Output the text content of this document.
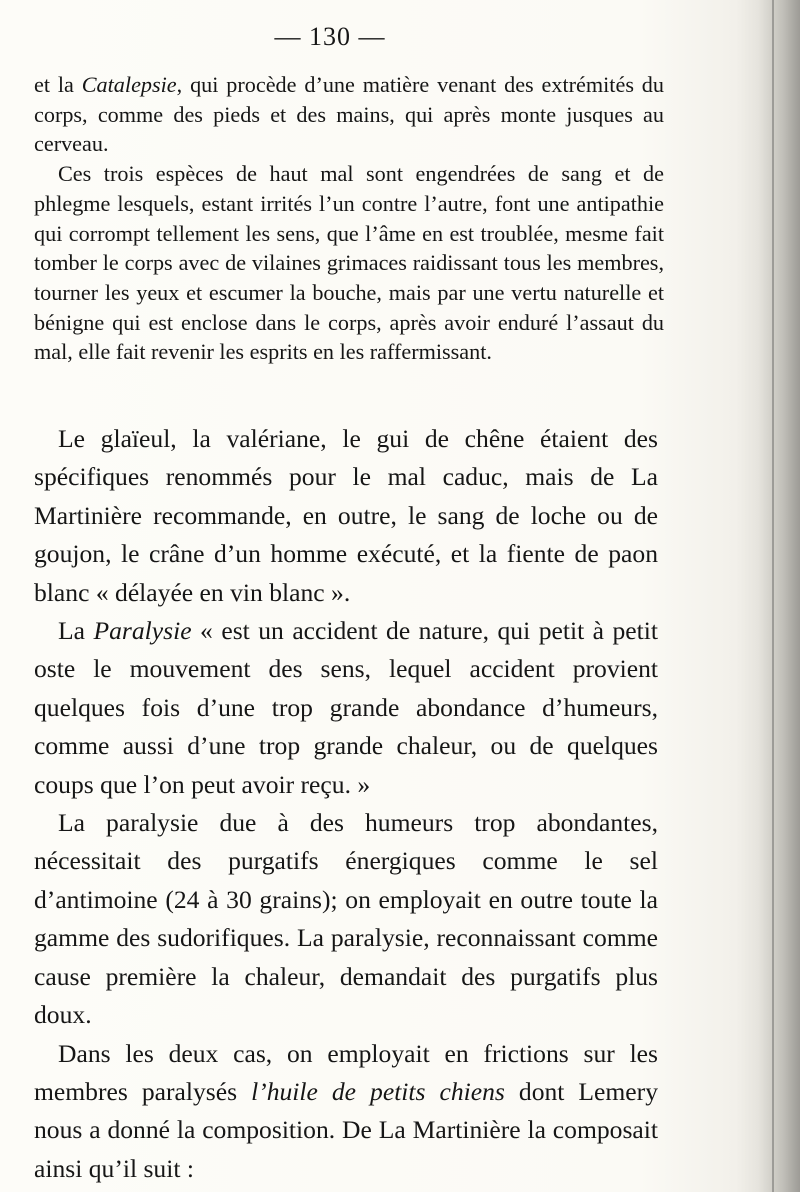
— 130 —

et la Catalepsie, qui procède d’une matière venant des extrémités du corps, comme des pieds et des mains, qui après monte jusques au cerveau.

Ces trois espèces de haut mal sont engendrées de sang et de phlegme lesquels, estant irrités l’un contre l’autre, font une antipathie qui corrompt tellement les sens, que l’âme en est troublée, mesme fait tomber le corps avec de vilaines grimaces raidissant tous les membres, tourner les yeux et escumer la bouche, mais par une vertu naturelle et bénigne qui est enclose dans le corps, après avoir enduré l’assaut du mal, elle fait revenir les esprits en les raffermissant.

Le glaïeul, la valériane, le gui de chêne étaient des spécifiques renommés pour le mal caduc, mais de La Martinière recommande, en outre, le sang de loche ou de goujon, le crâne d’un homme exécuté, et la fiente de paon blanc « délayée en vin blanc ».

La Paralysie « est un accident de nature, qui petit à petit oste le mouvement des sens, lequel accident provient quelques fois d’une trop grande abondance d’humeurs, comme aussi d’une trop grande chaleur, ou de quelques coups que l’on peut avoir reçu. »

La paralysie due à des humeurs trop abondantes, nécessitait des purgatifs énergiques comme le sel d’antimoine (24 à 30 grains); on employait en outre toute la gamme des sudorifiques. La paralysie, reconnaissant comme cause première la chaleur, demandait des purgatifs plus doux.

Dans les deux cas, on employait en frictions sur les membres paralysés l’huile de petits chiens dont Lemery nous a donné la composition. De La Martinière la composait ainsi qu’il suit :
